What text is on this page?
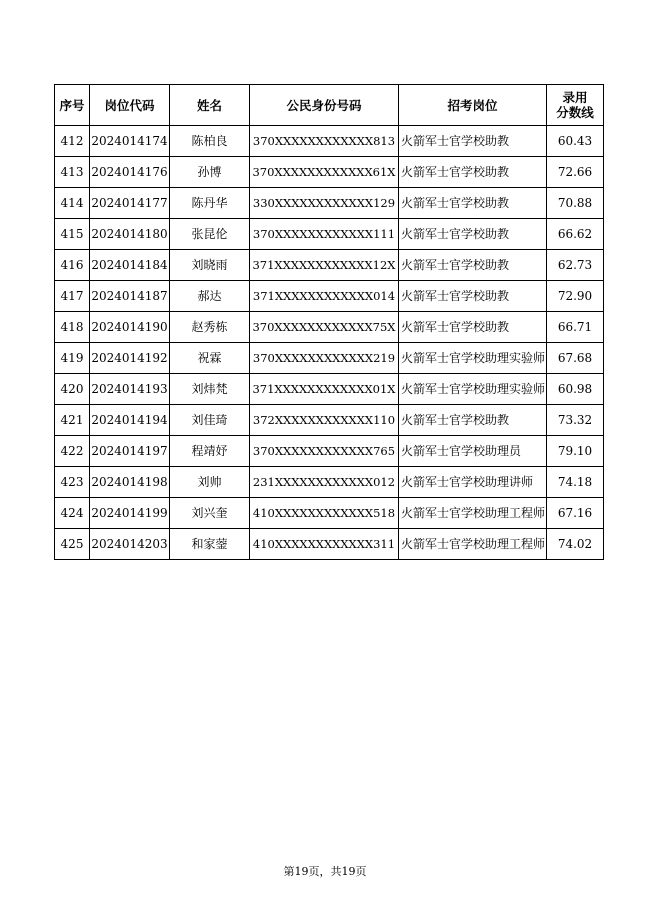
序号	岗位代码	姓名	公民身份号码	招考岗位	录用
分数线

412	2024014174	陈柏良	370XXXXXXXXXXXX813	火箭军士官学校助教	60.43
413	2024014176	孙博	370XXXXXXXXXXXX61X	火箭军士官学校助教	72.66
414	2024014177	陈丹华	330XXXXXXXXXXXX129	火箭军士官学校助教	70.88
415	2024014180	张昆伦	370XXXXXXXXXXXX111	火箭军士官学校助教	66.62
416	2024014184	刘晓雨	371XXXXXXXXXXXX12X	火箭军士官学校助教	62.73
417	2024014187	郝达	371XXXXXXXXXXXX014	火箭军士官学校助教	72.90
418	2024014190	赵秀栋	370XXXXXXXXXXXX75X	火箭军士官学校助教	66.71
419	2024014192	祝霖	370XXXXXXXXXXXX219	火箭军士官学校助理实验师	67.68
420	2024014193	刘炜梵	371XXXXXXXXXXXX01X	火箭军士官学校助理实验师	60.98
421	2024014194	刘佳琦	372XXXXXXXXXXXX110	火箭军士官学校助教	73.32
422	2024014197	程靖妤	370XXXXXXXXXXXX765	火箭军士官学校助理员	79.10
423	2024014198	刘帅	231XXXXXXXXXXXX012	火箭军士官学校助理讲师	74.18
424	2024014199	刘兴奎	410XXXXXXXXXXXX518	火箭军士官学校助理工程师	67.16
425	2024014203	和家蓥	410XXXXXXXXXXXX311	火箭军士官学校助理工程师	74.02
第19页，共19页
